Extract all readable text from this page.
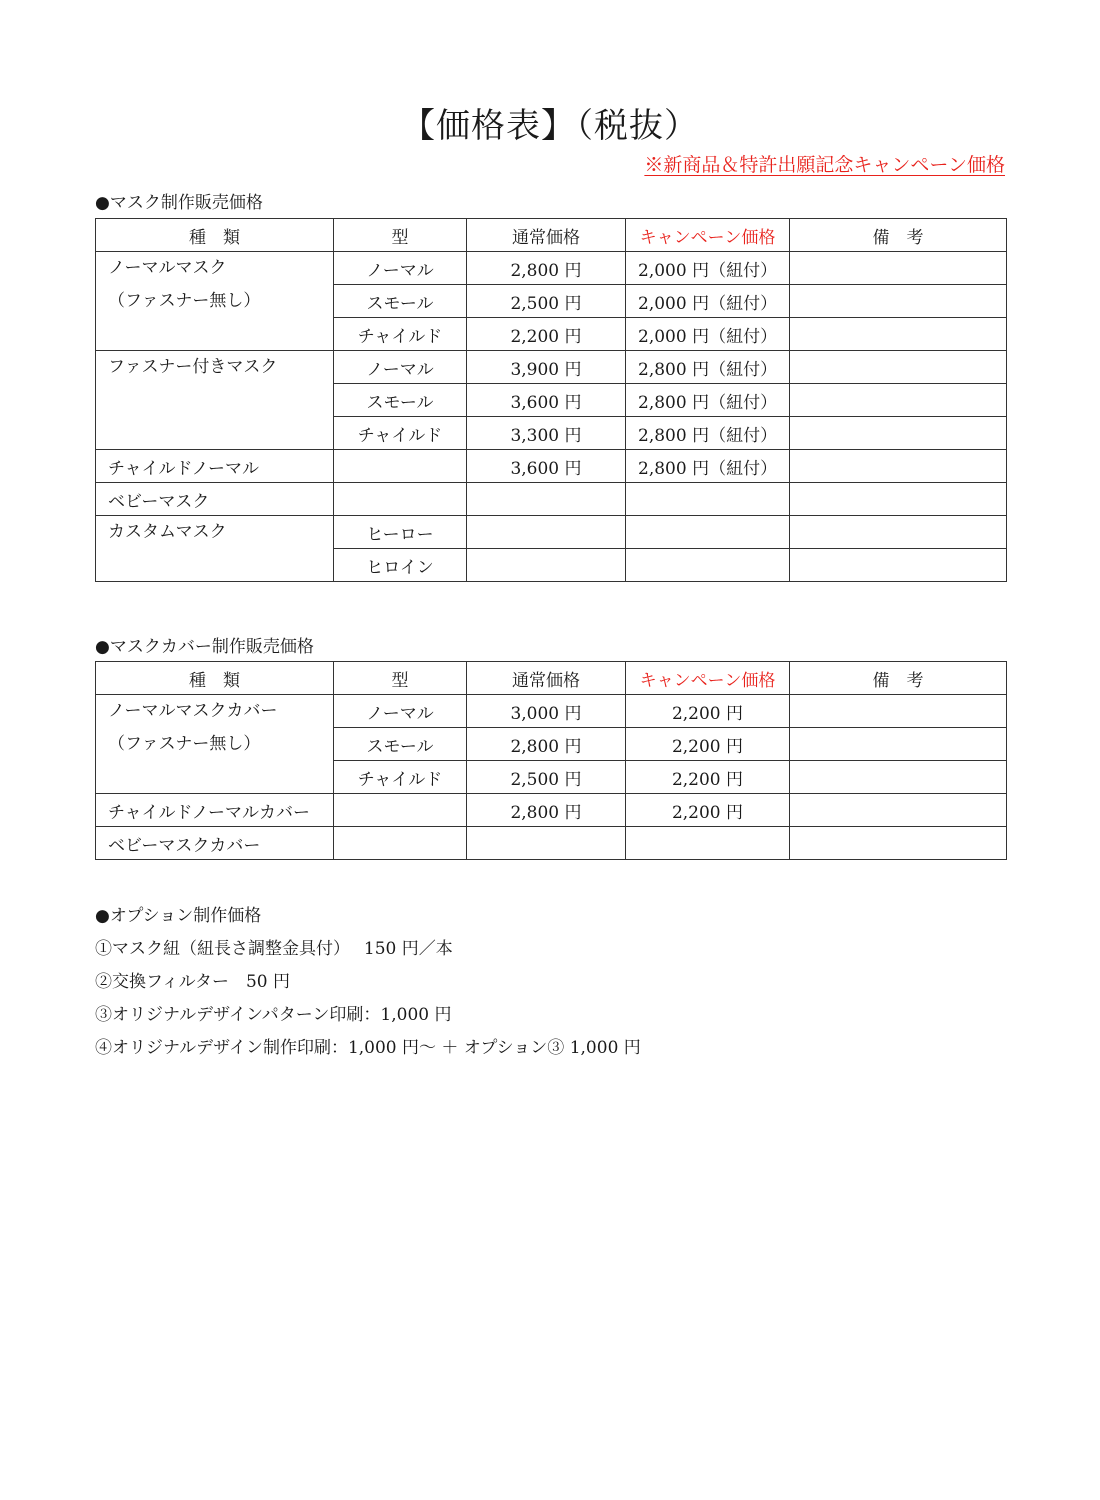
【価格表】（税抜）
※新商品＆特許出願記念キャンペーン価格
●マスク制作販売価格
種　類	型	通常価格	キャンペーン価格	備　考

ノーマルマスク
（ファスナー無し）	ノーマル	2,800 円	2,000 円（紐付）	
	スモール	2,500 円	2,000 円（紐付）	
	チャイルド	2,200 円	2,000 円（紐付）	

ファスナー付きマスク	ノーマル	3,900 円	2,800 円（紐付）	
	スモール	3,600 円	2,800 円（紐付）	
	チャイルド	3,300 円	2,800 円（紐付）	
チャイルドノーマル		3,600 円	2,800 円（紐付）	
ベビーマスク				

カスタムマスク	ヒーロー			
	ヒロイン			
●マスクカバー制作販売価格
種　類	型	通常価格	キャンペーン価格	備　考

ノーマルマスクカバー
（ファスナー無し）	ノーマル	3,000 円	2,200 円	
	スモール	2,800 円	2,200 円	
	チャイルド	2,500 円	2,200 円	
チャイルドノーマルカバー		2,800 円	2,200 円	
ベビーマスクカバー				
●オプション制作価格
①マスク紐（紐長さ調整金具付）　 150 円／本
②交換フィルター　50 円
③オリジナルデザインパターン印刷：1,000 円
④オリジナルデザイン制作印刷：1,000 円〜 ＋ オプション③ 1,000 円
